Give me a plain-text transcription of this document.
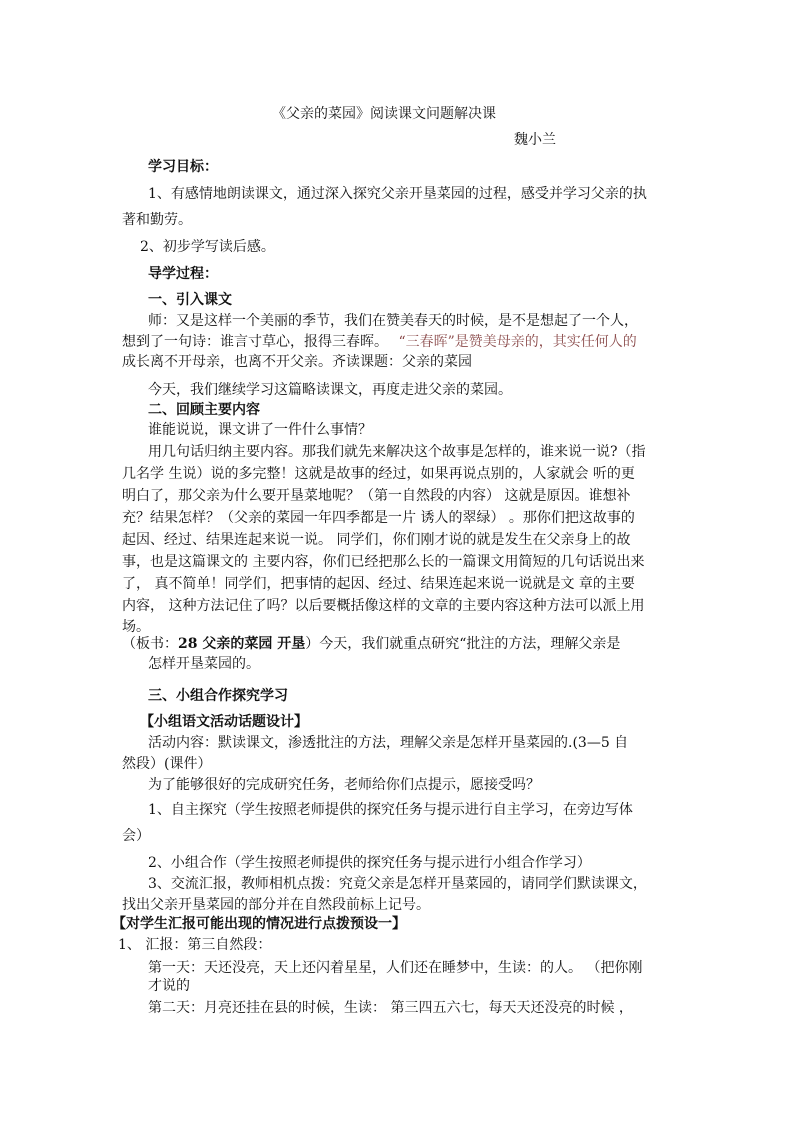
《父亲的菜园》阅读课文问题解决课
魏小兰
学习目标：
1、有感情地朗读课文，通过深入探究父亲开垦菜园的过程，感受并学习父亲的执
著和勤劳。
2、初步学写读后感。
导学过程：
一、引入课文
师：又是这样一个美丽的季节，我们在赞美春天的时候，是不是想起了一个人，
想到了一句诗：谁言寸草心，报得三春晖。 “三春晖”是赞美母亲的，其实任何人的
成长离不开母亲，也离不开父亲。齐读课题：父亲的菜园
今天，我们继续学习这篇略读课文，再度走进父亲的菜园。
二、回顾主要内容
谁能说说，课文讲了一件什么事情？
用几句话归纳主要内容。那我们就先来解决这个故事是怎样的，谁来说一说?（指
几名学 生说）说的多完整！这就是故事的经过，如果再说点别的，人家就会 听的更
明白了，那父亲为什么要开垦菜地呢？（第一自然段的内容） 这就是原因。谁想补
充？结果怎样？（父亲的菜园一年四季都是一片 诱人的翠绿） 。那你们把这故事的
起因、经过、结果连起来说一说。 同学们，你们刚才说的就是发生在父亲身上的故
事，也是这篇课文的 主要内容，你们已经把那么长的一篇课文用简短的几句话说出来
了， 真不简单！同学们，把事情的起因、经过、结果连起来说一说就是文 章的主要
内容， 这种方法记住了吗？以后要概括像这样的文章的主要内容这种方法可以派上用
场。
（板书：28 父亲的菜园 开垦）今天，我们就重点研究“批注的方法，理解父亲是
怎样开垦菜园的。
三、小组合作探究学习
【小组语文活动话题设计】
活动内容：默读课文，渗透批注的方法，理解父亲是怎样开垦菜园的.(3—5 自
然段）(课件）
为了能够很好的完成研究任务，老师给你们点提示，愿接受吗？
1、自主探究（学生按照老师提供的探究任务与提示进行自主学习，在旁边写体
会）
2、小组合作（学生按照老师提供的探究任务与提示进行小组合作学习）
3、交流汇报，教师相机点拨：究竟父亲是怎样开垦菜园的，请同学们默读课文，
找出父亲开垦菜园的部分并在自然段前标上记号。
【对学生汇报可能出现的情况进行点拨预设一】
1、 汇报：第三自然段：
第一天：天还没亮，天上还闪着星星，人们还在睡梦中，生读：的人。 （把你刚
才说的
第二天：月亮还挂在县的时候，生读： 第三四五六七，每天天还没亮的时候 ，
